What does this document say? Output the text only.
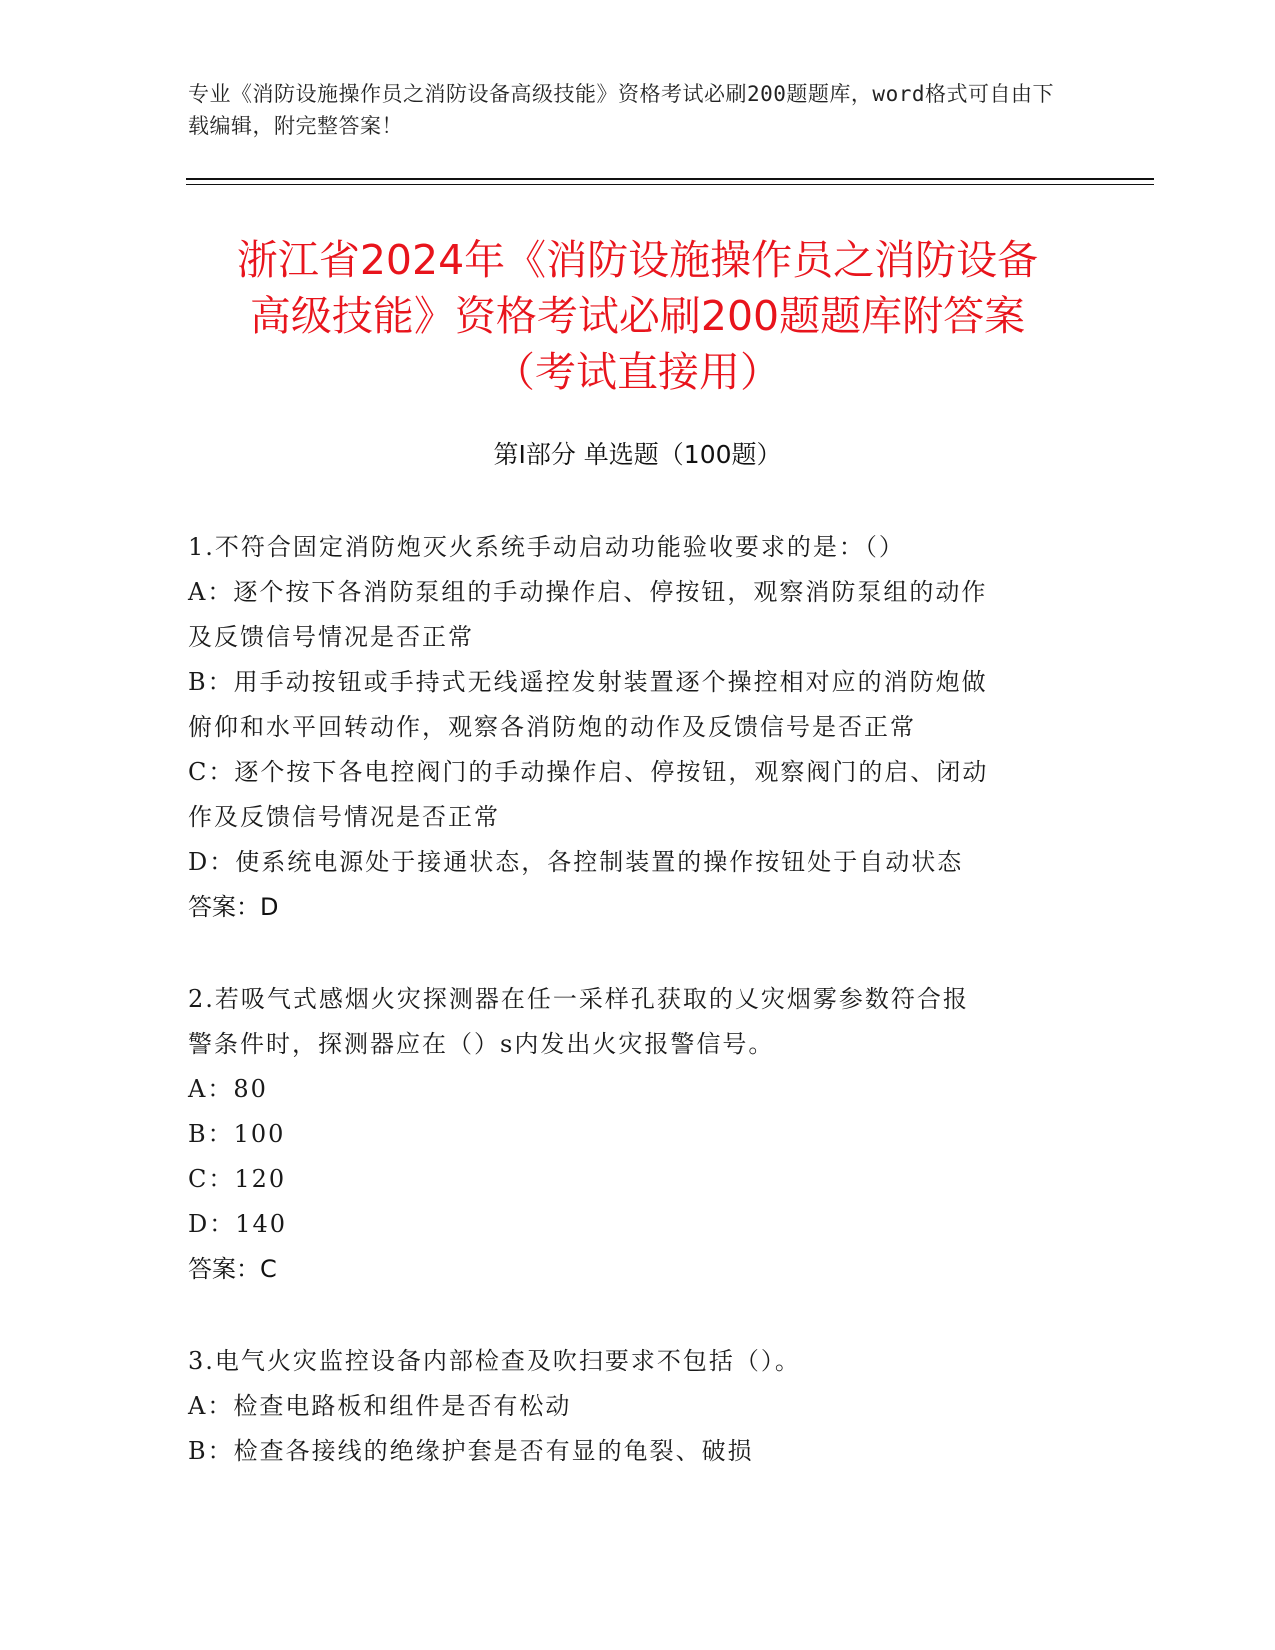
专业《消防设施操作员之消防设备高级技能》资格考试必刷200题题库，word格式可自由下载编辑，附完整答案！
浙江省2024年《消防设施操作员之消防设备
高级技能》资格考试必刷200题题库附答案
（考试直接用）
第Ⅰ部分 单选题（100题）

1.不符合固定消防炮灭火系统手动启动功能验收要求的是：（）

A：逐个按下各消防泵组的手动操作启、停按钮，观察消防泵组的动作

及反馈信号情况是否正常

B：用手动按钮或手持式无线遥控发射装置逐个操控相对应的消防炮做

俯仰和水平回转动作，观察各消防炮的动作及反馈信号是否正常

C：逐个按下各电控阀门的手动操作启、停按钮，观察阀门的启、闭动

作及反馈信号情况是否正常

D：使系统电源处于接通状态，各控制装置的操作按钮处于自动状态

答案：D

2.若吸气式感烟火灾探测器在任一采样孔获取的乂灾烟雾参数符合报

警条件时，探测器应在（）s内发出火灾报警信号。

A：80

B：100

C：120

D：140

答案：C

3.电气火灾监控设备内部检查及吹扫要求不包括（）。

A：检查电路板和组件是否有松动

B：检查各接线的绝缘护套是否有显的龟裂、破损
